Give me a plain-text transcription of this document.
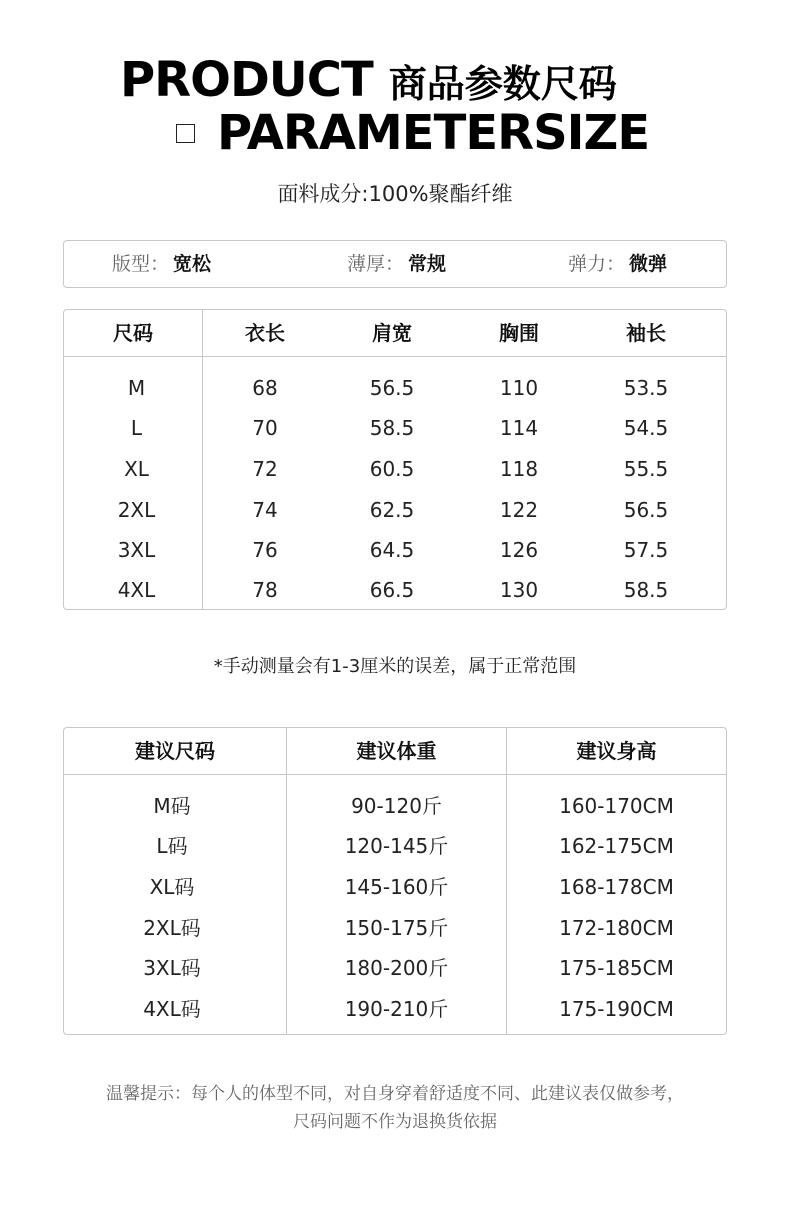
PRODUCT 商品参数尺码
PARAMETERSIZE
面料成分:100%聚酯纤维
版型： 宽松	薄厚： 常规	弹力： 微弹
尺码	衣长	肩宽	胸围	袖长
M	68	56.5	110	53.5
L	70	58.5	114	54.5
XL	72	60.5	118	55.5
2XL	74	62.5	122	56.5
3XL	76	64.5	126	57.5
4XL	78	66.5	130	58.5
*手动测量会有1-3厘米的误差，属于正常范围
建议尺码	建议体重	建议身高
M码	90-120斤	160-170CM
L码	120-145斤	162-175CM
XL码	145-160斤	168-178CM
2XL码	150-175斤	172-180CM
3XL码	180-200斤	175-185CM
4XL码	190-210斤	175-190CM
温馨提示：每个人的体型不同，对自身穿着舒适度不同、此建议表仅做参考，
尺码问题不作为退换货依据
